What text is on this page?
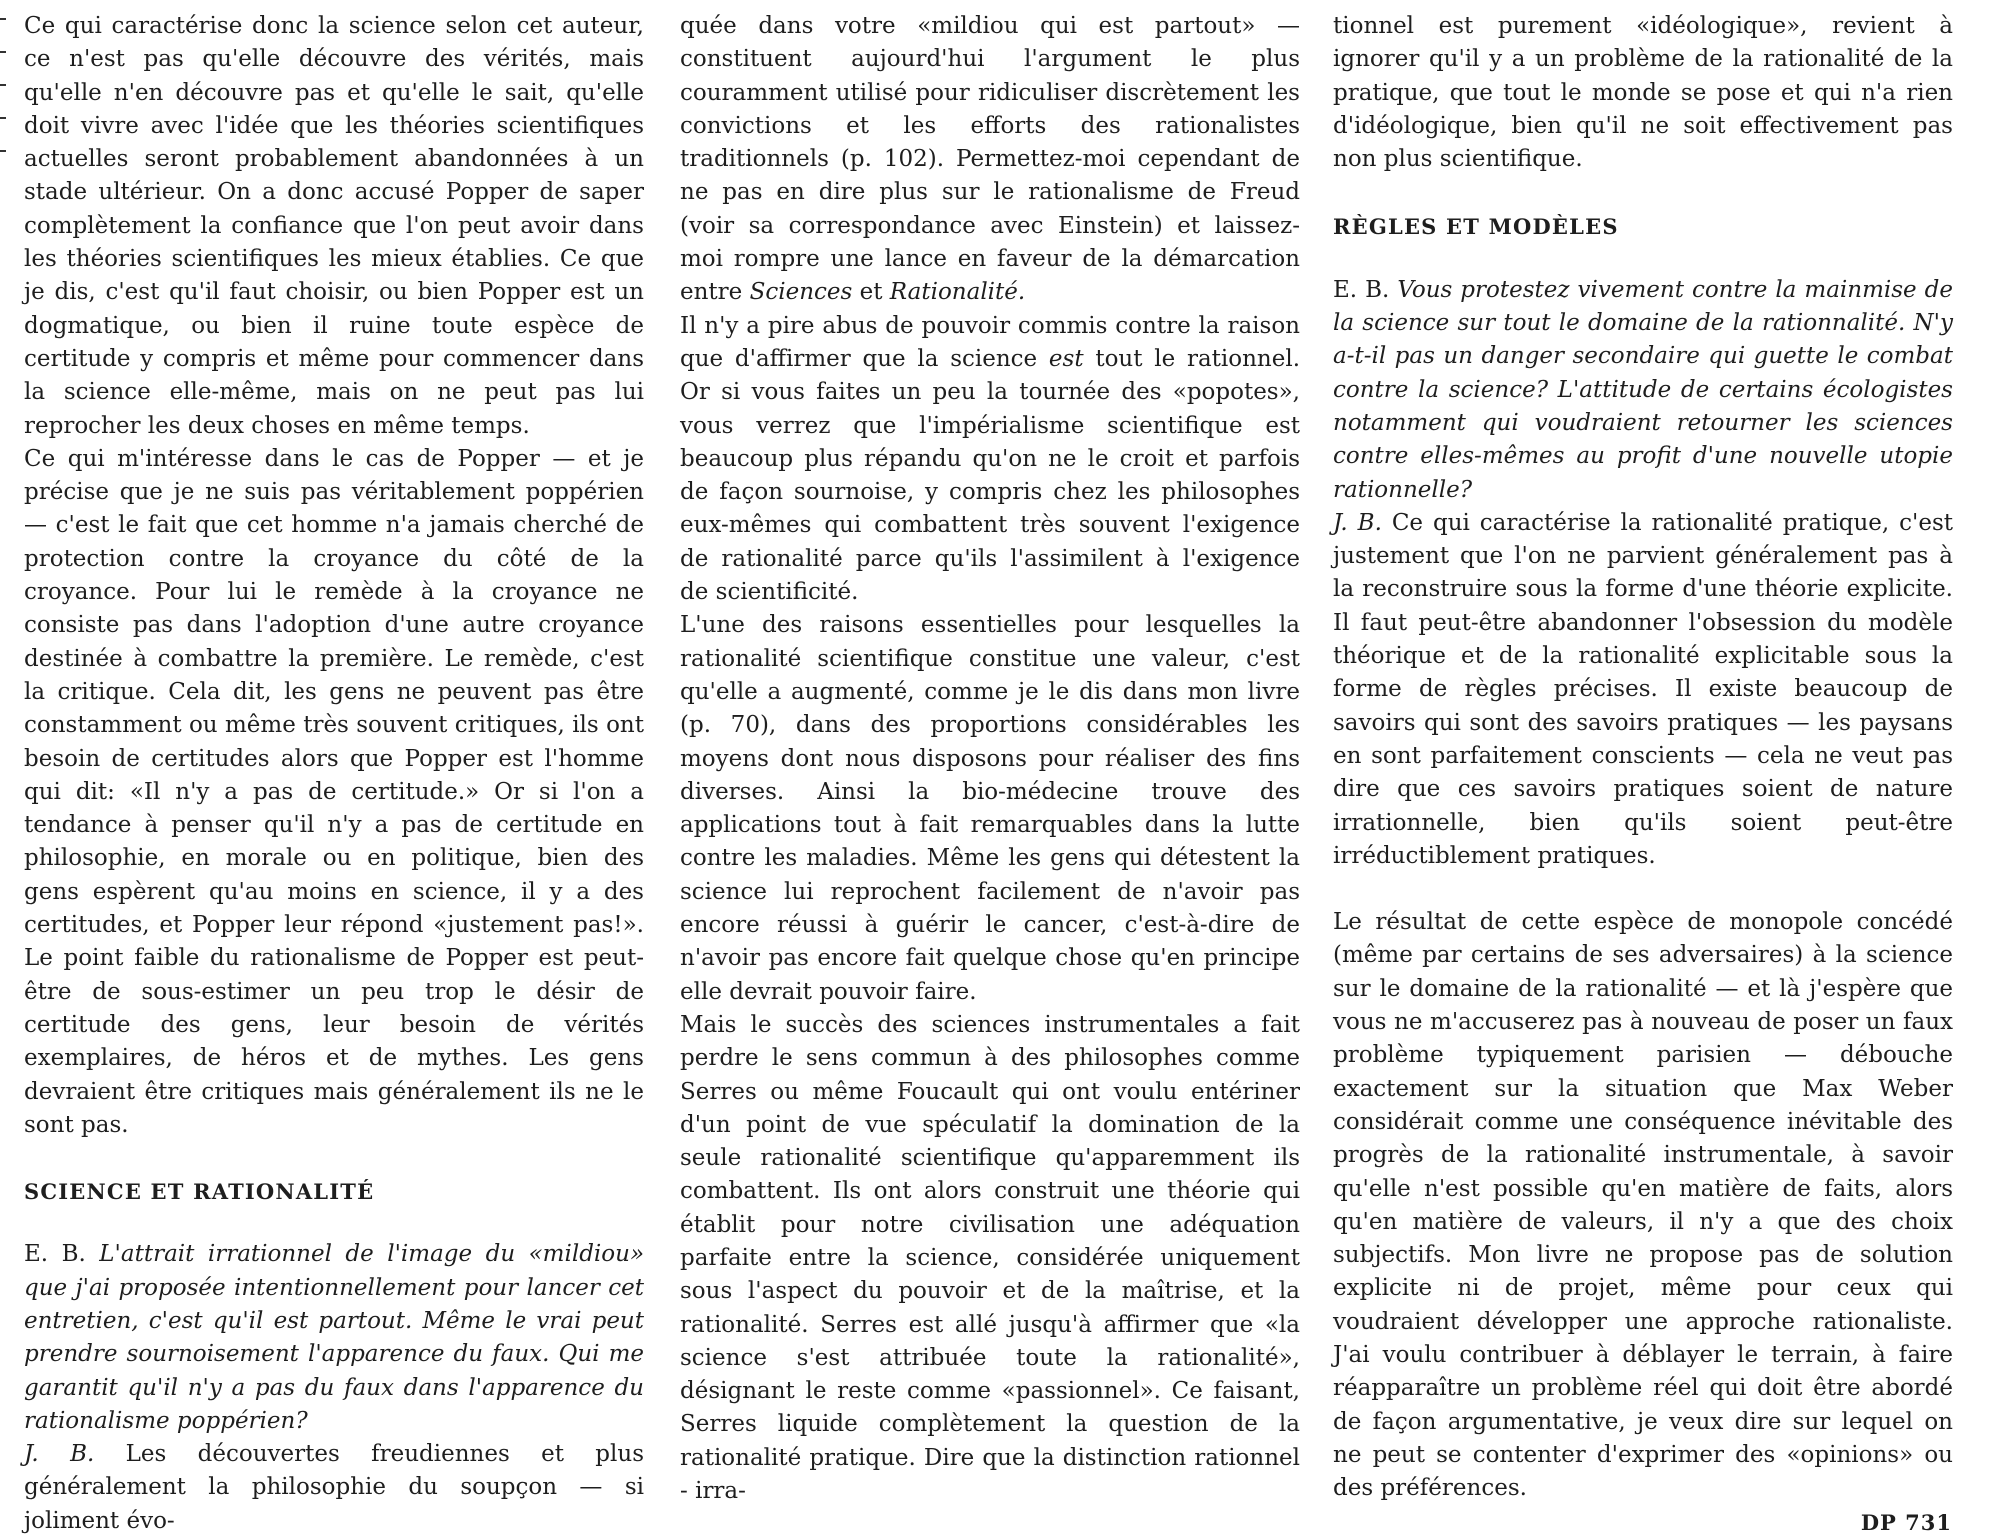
Ce qui caractérise donc la science selon cet auteur, ce n'est pas qu'elle découvre des vérités, mais qu'elle n'en découvre pas et qu'elle le sait, qu'elle doit vivre avec l'idée que les théories scientifiques actuelles seront probablement abandonnées à un stade ultérieur. On a donc accusé Popper de saper complètement la confiance que l'on peut avoir dans les théories scientifiques les mieux établies. Ce que je dis, c'est qu'il faut choisir, ou bien Popper est un dogmatique, ou bien il ruine toute espèce de certitude y compris et même pour commencer dans la science elle-même, mais on ne peut pas lui reprocher les deux choses en même temps.

Ce qui m'intéresse dans le cas de Popper — et je précise que je ne suis pas véritablement poppérien — c'est le fait que cet homme n'a jamais cherché de protection contre la croyance du côté de la croyance. Pour lui le remède à la croyance ne consiste pas dans l'adoption d'une autre croyance destinée à combattre la première. Le remède, c'est la critique. Cela dit, les gens ne peuvent pas être constamment ou même très souvent critiques, ils ont besoin de certitudes alors que Popper est l'homme qui dit: «Il n'y a pas de certitude.» Or si l'on a tendance à penser qu'il n'y a pas de certitude en philosophie, en morale ou en politique, bien des gens espèrent qu'au moins en science, il y a des certitudes, et Popper leur répond «justement pas!». Le point faible du rationalisme de Popper est peut-être de sous-estimer un peu trop le désir de certitude des gens, leur besoin de vérités exemplaires, de héros et de mythes. Les gens devraient être critiques mais généralement ils ne le sont pas.

SCIENCE ET RATIONALITÉ

E. B. L'attrait irrationnel de l'image du «mildiou» que j'ai proposée intentionnellement pour lancer cet entretien, c'est qu'il est partout. Même le vrai peut prendre sournoisement l'apparence du faux. Qui me garantit qu'il n'y a pas du faux dans l'apparence du rationalisme poppérien?

J. B. Les découvertes freudiennes et plus généralement la philosophie du soupçon — si joliment évo-

quée dans votre «mildiou qui est partout» — constituent aujourd'hui l'argument le plus couramment utilisé pour ridiculiser discrètement les convictions et les efforts des rationalistes traditionnels (p. 102). Permettez-moi cependant de ne pas en dire plus sur le rationalisme de Freud (voir sa correspondance avec Einstein) et laissez-moi rompre une lance en faveur de la démarcation entre Sciences et Rationalité.

Il n'y a pire abus de pouvoir commis contre la raison que d'affirmer que la science est tout le rationnel. Or si vous faites un peu la tournée des «popotes», vous verrez que l'impérialisme scientifique est beaucoup plus répandu qu'on ne le croit et parfois de façon sournoise, y compris chez les philosophes eux-mêmes qui combattent très souvent l'exigence de rationalité parce qu'ils l'assimilent à l'exigence de scientificité.

L'une des raisons essentielles pour lesquelles la rationalité scientifique constitue une valeur, c'est qu'elle a augmenté, comme je le dis dans mon livre (p. 70), dans des proportions considérables les moyens dont nous disposons pour réaliser des fins diverses. Ainsi la bio-médecine trouve des applications tout à fait remarquables dans la lutte contre les maladies. Même les gens qui détestent la science lui reprochent facilement de n'avoir pas encore réussi à guérir le cancer, c'est-à-dire de n'avoir pas encore fait quelque chose qu'en principe elle devrait pouvoir faire.

Mais le succès des sciences instrumentales a fait perdre le sens commun à des philosophes comme Serres ou même Foucault qui ont voulu entériner d'un point de vue spéculatif la domination de la seule rationalité scientifique qu'apparemment ils combattent. Ils ont alors construit une théorie qui établit pour notre civilisation une adéquation parfaite entre la science, considérée uniquement sous l'aspect du pouvoir et de la maîtrise, et la rationalité. Serres est allé jusqu'à affirmer que «la science s'est attribuée toute la rationalité», désignant le reste comme «passionnel». Ce faisant, Serres liquide complètement la question de la rationalité pratique. Dire que la distinction rationnel - irra-

tionnel est purement «idéologique», revient à ignorer qu'il y a un problème de la rationalité de la pratique, que tout le monde se pose et qui n'a rien d'idéologique, bien qu'il ne soit effectivement pas non plus scientifique.

RÈGLES ET MODÈLES

E. B. Vous protestez vivement contre la mainmise de la science sur tout le domaine de la rationnalité. N'y a-t-il pas un danger secondaire qui guette le combat contre la science? L'attitude de certains écologistes notamment qui voudraient retourner les sciences contre elles-mêmes au profit d'une nouvelle utopie rationnelle?

J. B. Ce qui caractérise la rationalité pratique, c'est justement que l'on ne parvient généralement pas à la reconstruire sous la forme d'une théorie explicite. Il faut peut-être abandonner l'obsession du modèle théorique et de la rationalité explicitable sous la forme de règles précises. Il existe beaucoup de savoirs qui sont des savoirs pratiques — les paysans en sont parfaitement conscients — cela ne veut pas dire que ces savoirs pratiques soient de nature irrationnelle, bien qu'ils soient peut-être irréductiblement pratiques.

Le résultat de cette espèce de monopole concédé (même par certains de ses adversaires) à la science sur le domaine de la rationalité — et là j'espère que vous ne m'accuserez pas à nouveau de poser un faux problème typiquement parisien — débouche exactement sur la situation que Max Weber considérait comme une conséquence inévitable des progrès de la rationalité instrumentale, à savoir qu'elle n'est possible qu'en matière de faits, alors qu'en matière de valeurs, il n'y a que des choix subjectifs. Mon livre ne propose pas de solution explicite ni de projet, même pour ceux qui voudraient développer une approche rationaliste. J'ai voulu contribuer à déblayer le terrain, à faire réapparaître un problème réel qui doit être abordé de façon argumentative, je veux dire sur lequel on ne peut se contenter d'exprimer des «opinions» ou des préférences.

DP 731
